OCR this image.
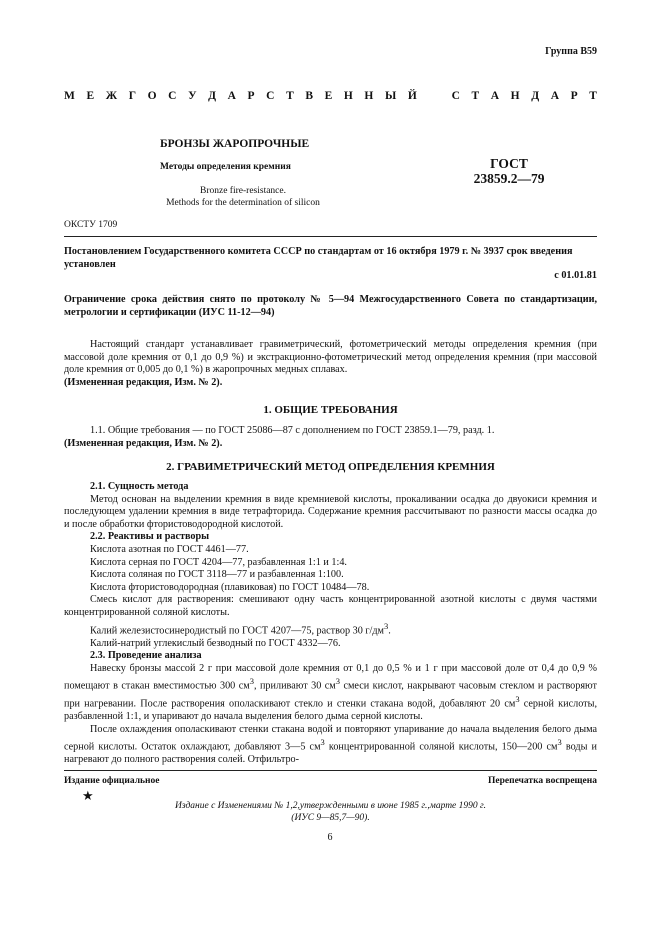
Группа В59
М Е Ж Г О С У Д А Р С Т В Е Н Н Ы Й	С Т А Н Д А Р Т
БРОНЗЫ ЖАРОПРОЧНЫЕ
Методы определения кремния
Bronze fire-resistance.
Methods for the determination of silicon
ГОСТ
23859.2—79
ОКСТУ 1709
Постановлением Государственного комитета СССР по стандартам от 16 октября 1979 г. № 3937 срок введения установлен
с 01.01.81
Ограничение срока действия снято по протоколу № 5—94 Межгосударственного Совета по стандартизации, метрологии и сертификации (ИУС 11-12—94)
Настоящий стандарт устанавливает гравиметрический, фотометрический методы определения кремния (при массовой доле кремния от 0,1 до 0,9 %) и экстракционно-фотометрический метод определения кремния (при массовой доле кремния от 0,005 до 0,1 %) в жаропрочных медных сплавах.
(Измененная редакция, Изм. № 2).
1. ОБЩИЕ ТРЕБОВАНИЯ
1.1. Общие требования — по ГОСТ 25086—87 с дополнением по ГОСТ 23859.1—79, разд. 1.
(Измененная редакция, Изм. № 2).
2. ГРАВИМЕТРИЧЕСКИЙ МЕТОД ОПРЕДЕЛЕНИЯ КРЕМНИЯ
2.1. Сущность метода
Метод основан на выделении кремния в виде кремниевой кислоты, прокаливании осадка до двуокиси кремния и последующем удалении кремния в виде тетрафторида. Содержание кремния рассчитывают по разности массы осадка до и после обработки фтористоводородной кислотой.
2.2. Реактивы и растворы
Кислота азотная по ГОСТ 4461—77.
Кислота серная по ГОСТ 4204—77, разбавленная 1:1 и 1:4.
Кислота соляная по ГОСТ 3118—77 и разбавленная 1:100.
Кислота фтористоводородная (плавиковая) по ГОСТ 10484—78.
Смесь кислот для растворения: смешивают одну часть концентрированной азотной кислоты с двумя частями концентрированной соляной кислоты.
Калий железистосинеродистый по ГОСТ 4207—75, раствор 30 $г/дм^3$.
Калий-натрий углекислый безводный по ГОСТ 4332—76.
2.3. Проведение анализа
Навеску бронзы массой 2 г при массовой доле кремния от 0,1 до 0,5 % и 1 г при массовой доле от 0,4 до 0,9 % помещают в стакан вместимостью 300 $см^3$, приливают 30 $см^3$ смеси кислот, накрывают часовым стеклом и растворяют при нагревании. После растворения ополаскивают стекло и стенки стакана водой, добавляют 20 $см^3$ серной кислоты, разбавленной 1:1, и упаривают до начала выделения белого дыма серной кислоты.
После охлаждения ополаскивают стенки стакана водой и повторяют упаривание до начала выделения белого дыма серной кислоты. Остаток охлаждают, добавляют 3—5 $см^3$ концентрированной соляной кислоты, 150—200 $см^3$ воды и нагревают до полного растворения солей. Отфильтро-
Издание официальное	Перепечатка воспрещена
★
Издание с Изменениями № 1,2,утвержденными в июне 1985 г.,марте 1990 г.
(ИУС 9—85,7—90).
6
